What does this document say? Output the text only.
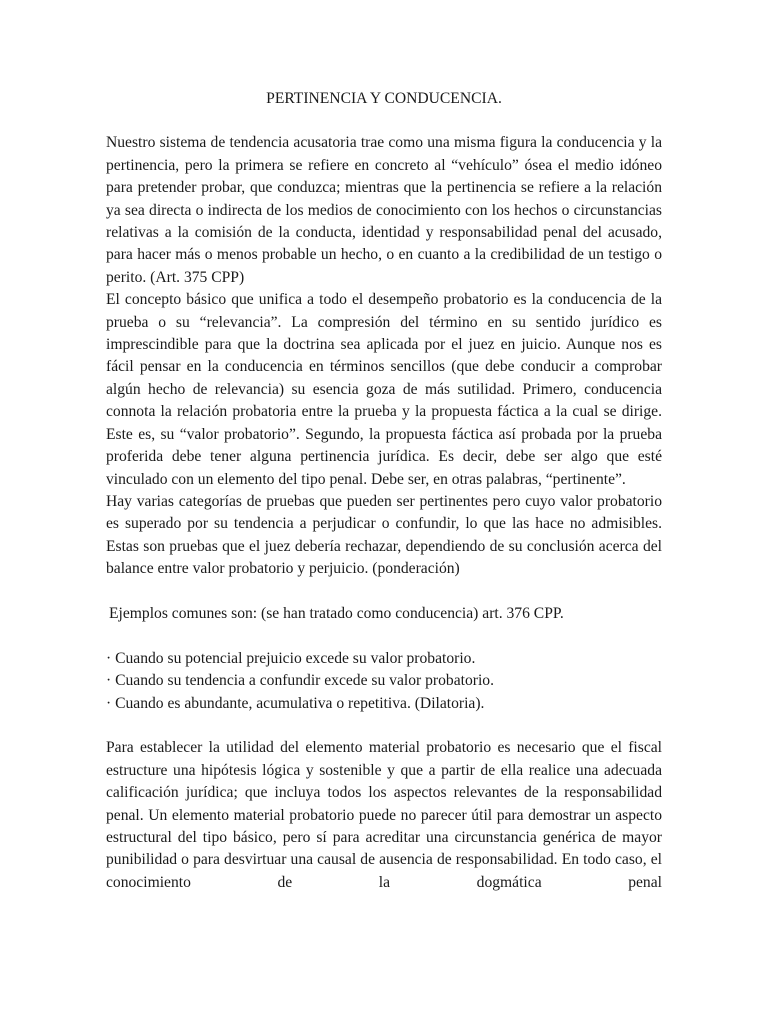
PERTINENCIA Y CONDUCENCIA.

Nuestro sistema de tendencia acusatoria trae como una misma figura la conducencia y la pertinencia, pero la primera se refiere en concreto al “vehículo” ósea el medio idóneo para pretender probar, que conduzca; mientras que la pertinencia se refiere a la relación ya sea directa o indirecta de los medios de conocimiento con los hechos o circunstancias relativas a la comisión de la conducta, identidad y responsabilidad penal del acusado, para hacer más o menos probable un hecho, o en cuanto a la credibilidad de un testigo o perito. (Art. 375 CPP)

El concepto básico que unifica a todo el desempeño probatorio es la conducencia de la prueba o su “relevancia”. La compresión del término en su sentido jurídico es imprescindible para que la doctrina sea aplicada por el juez en juicio. Aunque nos es fácil pensar en la conducencia en términos sencillos (que debe conducir a comprobar algún hecho de relevancia) su esencia goza de más sutilidad. Primero, conducencia connota la relación probatoria entre la prueba y la propuesta fáctica a la cual se dirige. Este es, su “valor probatorio”. Segundo, la propuesta fáctica así probada por la prueba proferida debe tener alguna pertinencia jurídica. Es decir, debe ser algo que esté vinculado con un elemento del tipo penal. Debe ser, en otras palabras, “pertinente”.

Hay varias categorías de pruebas que pueden ser pertinentes pero cuyo valor probatorio es superado por su tendencia a perjudicar o confundir, lo que las hace no admisibles. Estas son pruebas que el juez debería rechazar, dependiendo de su conclusión acerca del balance entre valor probatorio y perjuicio. (ponderación)

Ejemplos comunes son: (se han tratado como conducencia) art. 376 CPP.

· Cuando su potencial prejuicio excede su valor probatorio.
· Cuando su tendencia a confundir excede su valor probatorio.
· Cuando es abundante, acumulativa o repetitiva. (Dilatoria).

Para establecer la utilidad del elemento material probatorio es necesario que el fiscal estructure una hipótesis lógica y sostenible y que a partir de ella realice una adecuada calificación jurídica; que incluya todos los aspectos relevantes de la responsabilidad penal. Un elemento material probatorio puede no parecer útil para demostrar un aspecto estructural del tipo básico, pero sí para acreditar una circunstancia genérica de mayor punibilidad o para desvirtuar una causal de ausencia de responsabilidad. En todo caso, el conocimiento de la dogmática penal
